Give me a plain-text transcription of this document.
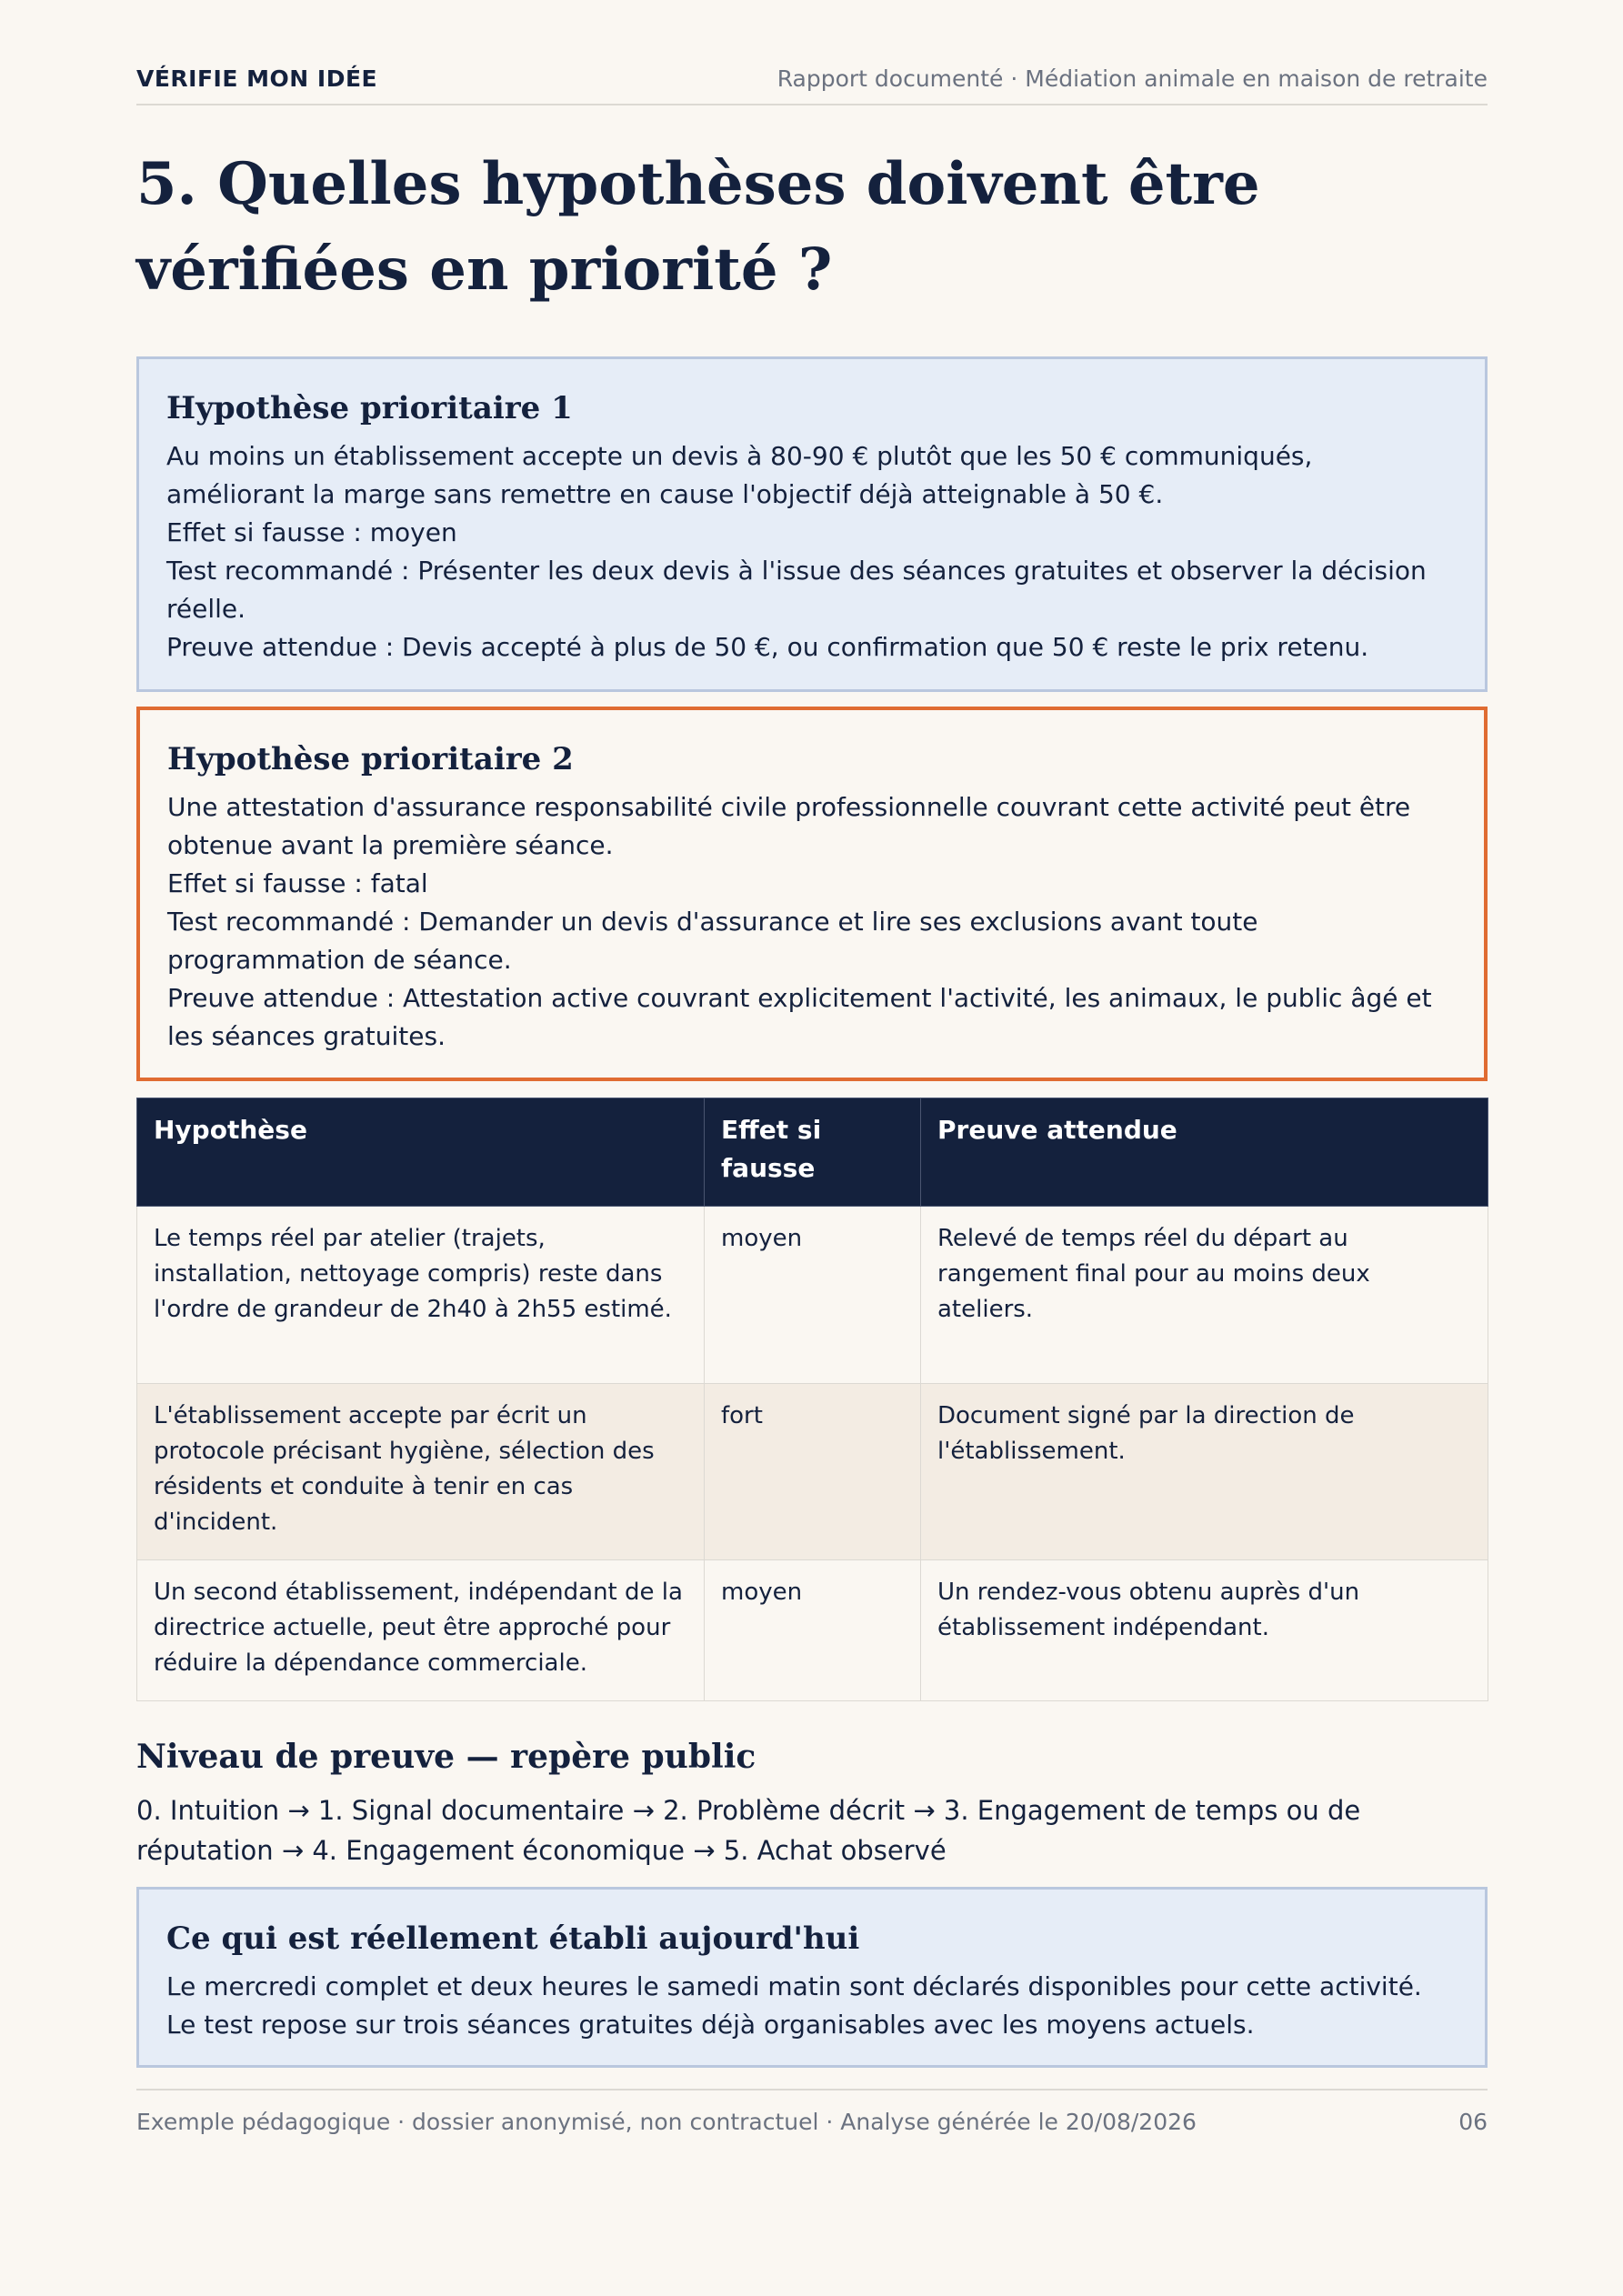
VÉRIFIE MON IDÉE	Rapport documenté · Médiation animale en maison de retraite
5. Quelles hypothèses doivent être vérifiées en priorité ?
Hypothèse prioritaire 1

Au moins un établissement accepte un devis à 80-90 € plutôt que les 50 € communiqués, améliorant la marge sans remettre en cause l'objectif déjà atteignable à 50 €.

Effet si fausse : moyen

Test recommandé : Présenter les deux devis à l'issue des séances gratuites et observer la décision réelle.

Preuve attendue : Devis accepté à plus de 50 €, ou confirmation que 50 € reste le prix retenu.

Hypothèse prioritaire 2

Une attestation d'assurance responsabilité civile professionnelle couvrant cette activité peut être obtenue avant la première séance.

Effet si fausse : fatal

Test recommandé : Demander un devis d'assurance et lire ses exclusions avant toute programmation de séance.

Preuve attendue : Attestation active couvrant explicitement l'activité, les animaux, le public âgé et les séances gratuites.

Hypothèse	Effet si fausse	Preuve attendue
Le temps réel par atelier (trajets, installation, nettoyage compris) reste dans l'ordre de grandeur de 2h40 à 2h55 estimé.	moyen	Relevé de temps réel du départ au rangement final pour au moins deux ateliers.
L'établissement accepte par écrit un protocole précisant hygiène, sélection des résidents et conduite à tenir en cas d'incident.	fort	Document signé par la direction de l'établissement.
Un second établissement, indépendant de la directrice actuelle, peut être approché pour réduire la dépendance commerciale.	moyen	Un rendez-vous obtenu auprès d'un établissement indépendant.
Niveau de preuve — repère public
0. Intuition → 1. Signal documentaire → 2. Problème décrit → 3. Engagement de temps ou de réputation → 4. Engagement économique → 5. Achat observé
Ce qui est réellement établi aujourd'hui

Le mercredi complet et deux heures le samedi matin sont déclarés disponibles pour cette activité.

Le test repose sur trois séances gratuites déjà organisables avec les moyens actuels.

Exemple pédagogique · dossier anonymisé, non contractuel · Analyse générée le 20/08/2026	06
